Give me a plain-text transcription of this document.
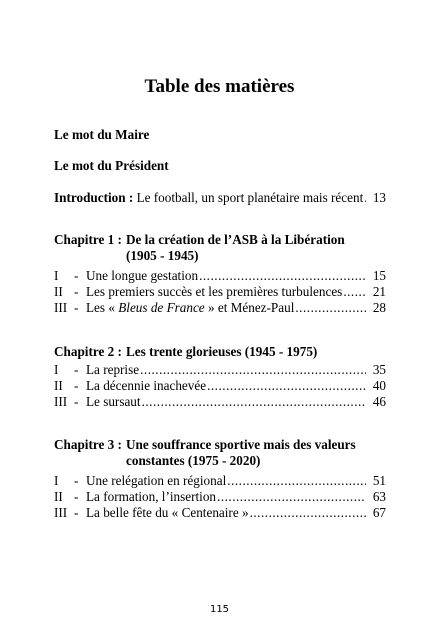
Table des matières
Le mot du Maire
Le mot du Président
Introduction : Le football, un sport planétaire mais récent ..... 13
Chapitre 1 : De la création de l’ASB à la Libération (1905 - 1945)
I	- Une longue gestation .....	15
II - Les premiers succès et les premières turbulences ..... 21
III - Les « Bleus de France » et Ménez-Paul .....	28
Chapitre 2 : Les trente glorieuses (1945 - 1975)
I	- La reprise .....	35
II - La décennie inachevée .....	40
III - Le sursaut .....	46
Chapitre 3 : Une souffrance sportive mais des valeurs constantes (1975 - 2020)
I	- Une relégation en régional .....	51
II - La formation, l’insertion .....	63
III - La belle fête du « Centenaire » .....	67
115
